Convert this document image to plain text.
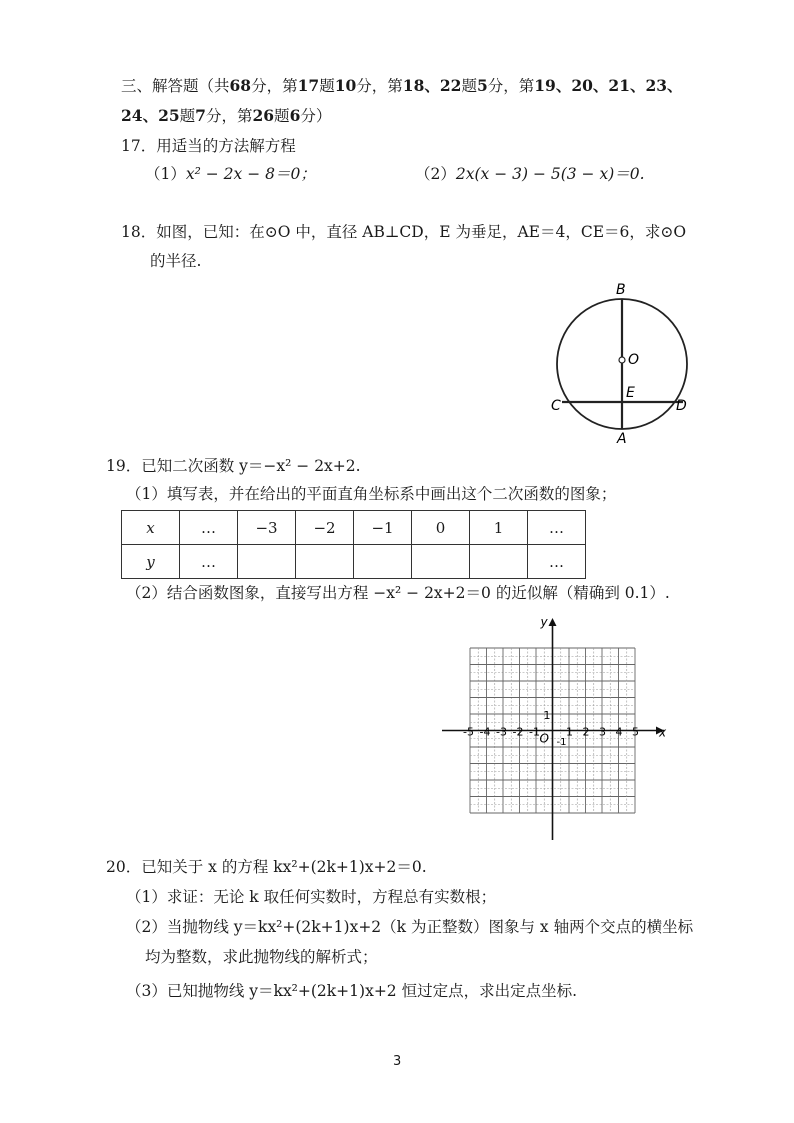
三、解答题（共68分，第17题10分，第18、22题5分，第19、20、21、23、
24、25题7分，第26题6分）
17．用适当的方法解方程
（1）x² − 2x − 8＝0；	（2）2x(x − 3) − 5(3 − x)＝0.
18．如图，已知：在⊙O 中，直径 AB⊥CD，E 为垂足，AE＝4，CE＝6，求⊙O
的半径.
B
O
E
C	D
A
19．已知二次函数 y＝−x² − 2x+2.
（1）填写表，并在给出的平面直角坐标系中画出这个二次函数的图象；
x	…	−3	−2	−1	0	1	…
y	…						…
（2）结合函数图象，直接写出方程 −x² − 2x+2＝0 的近似解（精确到 0.1）.
x
y
O
-5 -4 -3 -2 -1 1 2 3 4 5
1
-1
20．已知关于 x 的方程 kx²+(2k+1)x+2＝0.
（1）求证：无论 k 取任何实数时，方程总有实数根；
（2）当抛物线 y＝kx²+(2k+1)x+2（k 为正整数）图象与 x 轴两个交点的横坐标
均为整数，求此抛物线的解析式；
（3）已知抛物线 y＝kx²+(2k+1)x+2 恒过定点，求出定点坐标.
3
